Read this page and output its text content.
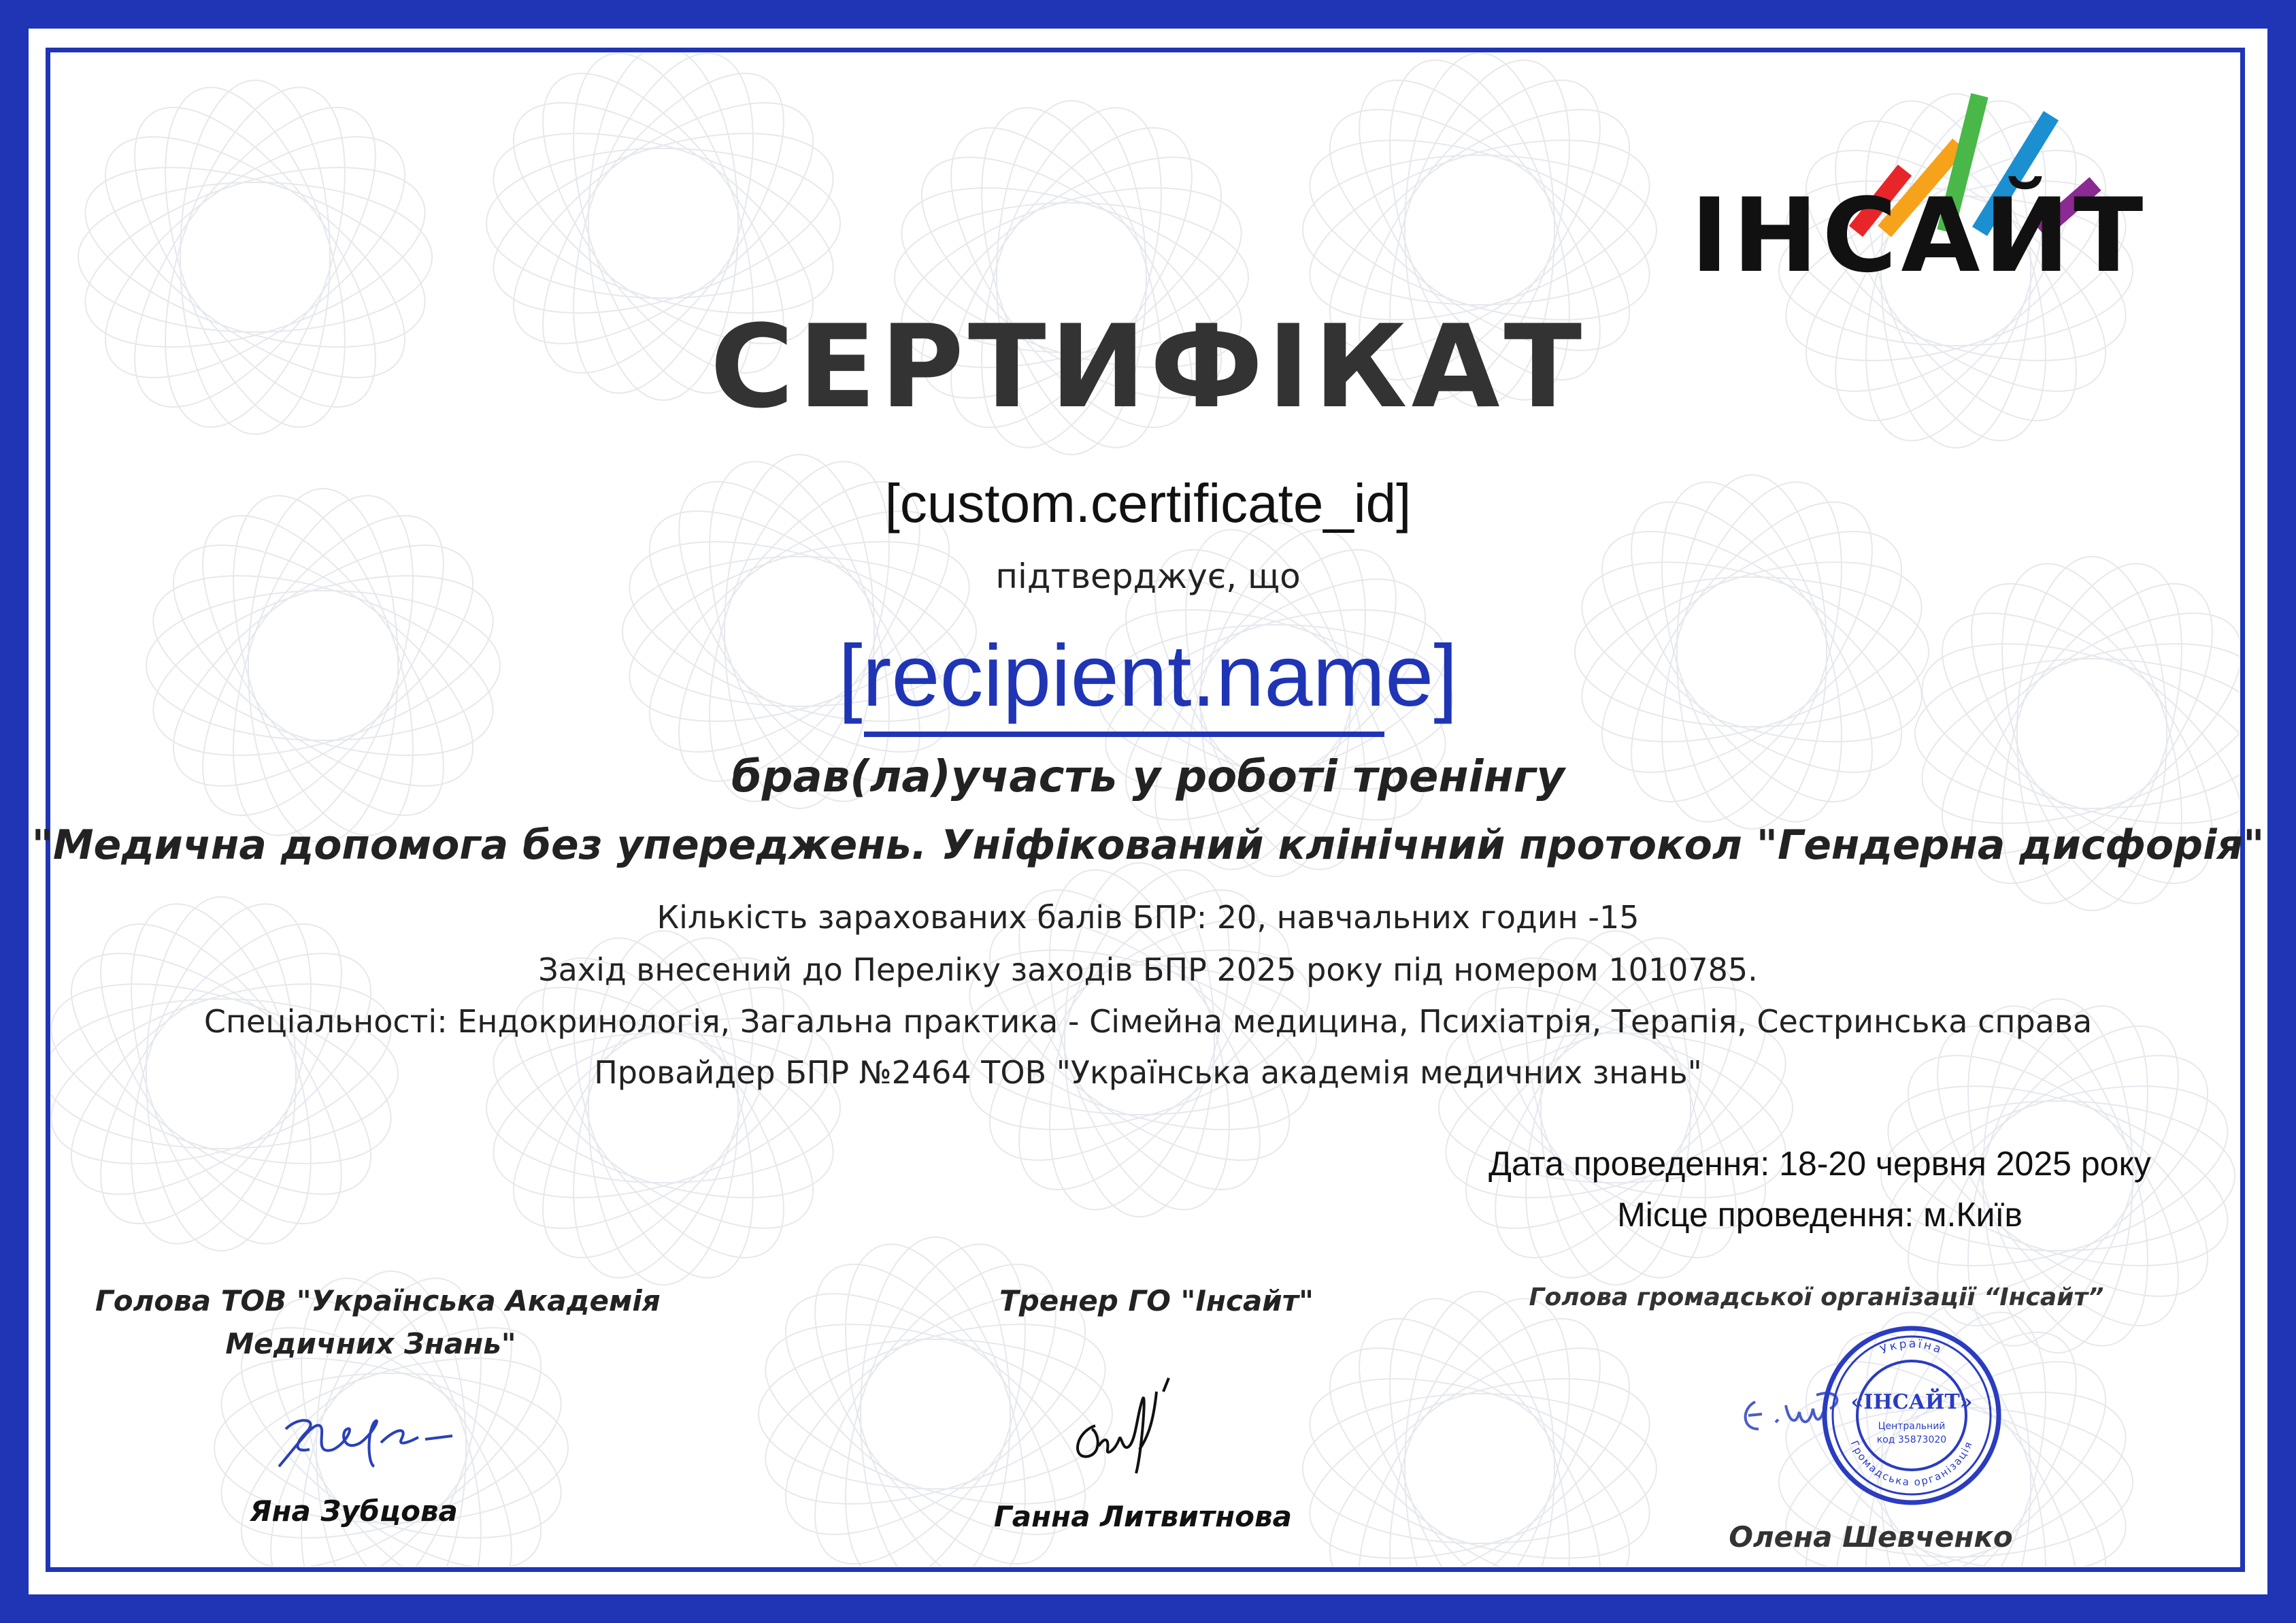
ІНСАЙТ
СЕРТИФІКАТ
[custom.certificate_id]
підтверджує, що
[recipient.name]
брав(ла)участь у роботі тренінгу
"Медична допомога без упереджень. Уніфікований клінічний протокол "Гендерна дисфорія"
Кількість зарахованих балів БПР: 20, навчальних годин -15
Захід внесений до Переліку заходів БПР 2025 року під номером 1010785.
Спеціальності: Ендокринологія, Загальна практика - Сімейна медицина, Психіатрія, Терапія, Сестринська справа
Провайдер БПР №2464 ТОВ "Українська академія медичних знань"
Дата проведення: 18-20 червня 2025 року
Місце проведення: м.Київ
Голова ТОВ "Українська Академія
Медичних Знань"
Яна Зубцова
Тренер ГО "Інсайт"
Ганна Литвитнова
Голова громадської організації “Інсайт”
Україна
Громадська організація
«ІНСАЙТ»
Центральний
код 35873020
Олена Шевченко
